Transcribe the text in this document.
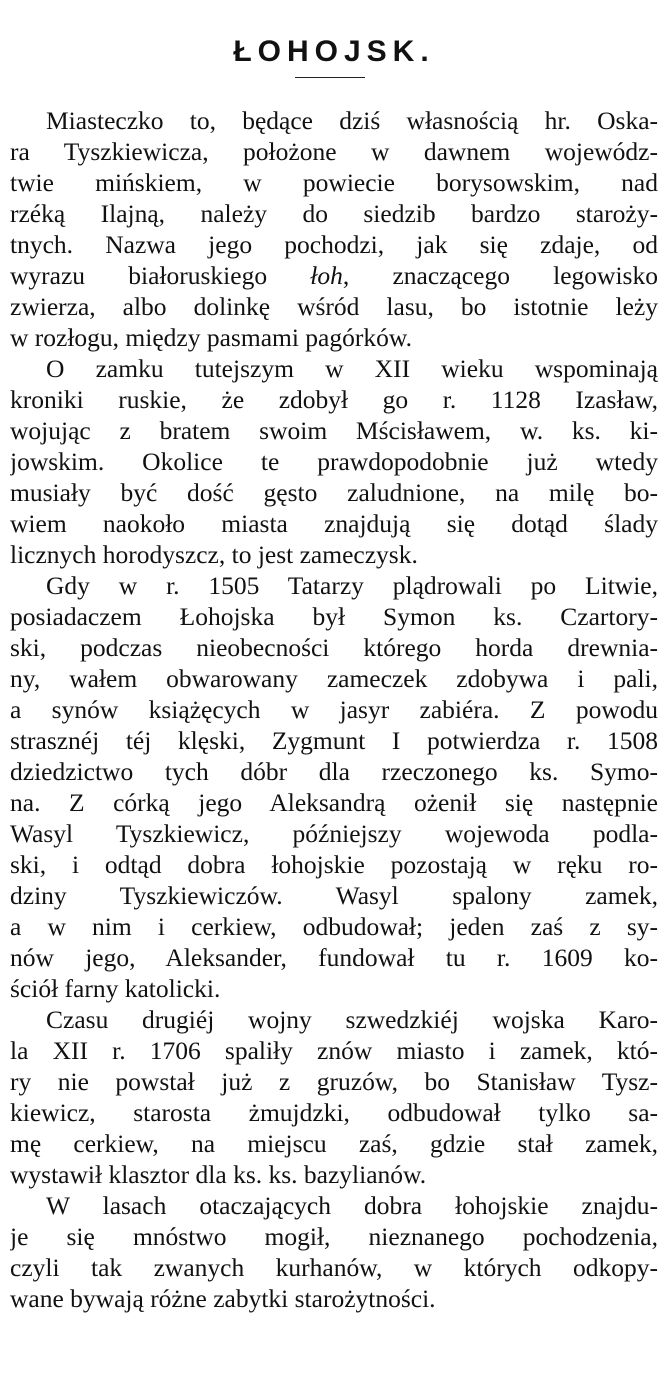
ŁOHOJSK.
Miasteczko to, będące dziś własnością hr. Oska-
ra Tyszkiewicza, położone w dawnem wojewódz-
twie mińskiem, w powiecie borysowskim, nad
rzéką Ilajną, należy do siedzib bardzo staroży-
tnych. Nazwa jego pochodzi, jak się zdaje, od
wyrazu białoruskiego łoh, znaczącego legowisko
zwierza, albo dolinkę wśród lasu, bo istotnie leży
w rozłogu, między pasmami pagórków.
O zamku tutejszym w XII wieku wspominają
kroniki ruskie, że zdobył go r. 1128 Izasław,
wojując z bratem swoim Mścisławem, w. ks. ki-
jowskim. Okolice te prawdopodobnie już wtedy
musiały być dość gęsto zaludnione, na milę bo-
wiem naokoło miasta znajdują się dotąd ślady
licznych horodyszcz, to jest zameczysk.
Gdy w r. 1505 Tatarzy plądrowali po Litwie,
posiadaczem Łohojska był Symon ks. Czartory-
ski, podczas nieobecności którego horda drewnia-
ny, wałem obwarowany zameczek zdobywa i pali,
a synów książęcych w jasyr zabiéra. Z powodu
strasznéj téj klęski, Zygmunt I potwierdza r. 1508
dziedzictwo tych dóbr dla rzeczonego ks. Symo-
na. Z córką jego Aleksandrą ożenił się następnie
Wasyl Tyszkiewicz, późniejszy wojewoda podla-
ski, i odtąd dobra łohojskie pozostają w ręku ro-
dziny Tyszkiewiczów. Wasyl spalony zamek,
a w nim i cerkiew, odbudował; jeden zaś z sy-
nów jego, Aleksander, fundował tu r. 1609 ko-
ściół farny katolicki.
Czasu drugiéj wojny szwedzkiéj wojska Karo-
la XII r. 1706 spaliły znów miasto i zamek, któ-
ry nie powstał już z gruzów, bo Stanisław Tysz-
kiewicz, starosta żmujdzki, odbudował tylko sa-
mę cerkiew, na miejscu zaś, gdzie stał zamek,
wystawił klasztor dla ks. ks. bazylianów.
W lasach otaczających dobra łohojskie znajdu-
je się mnóstwo mogił, nieznanego pochodzenia,
czyli tak zwanych kurhanów, w których odkopy-
wane bywają różne zabytki starożytności.
